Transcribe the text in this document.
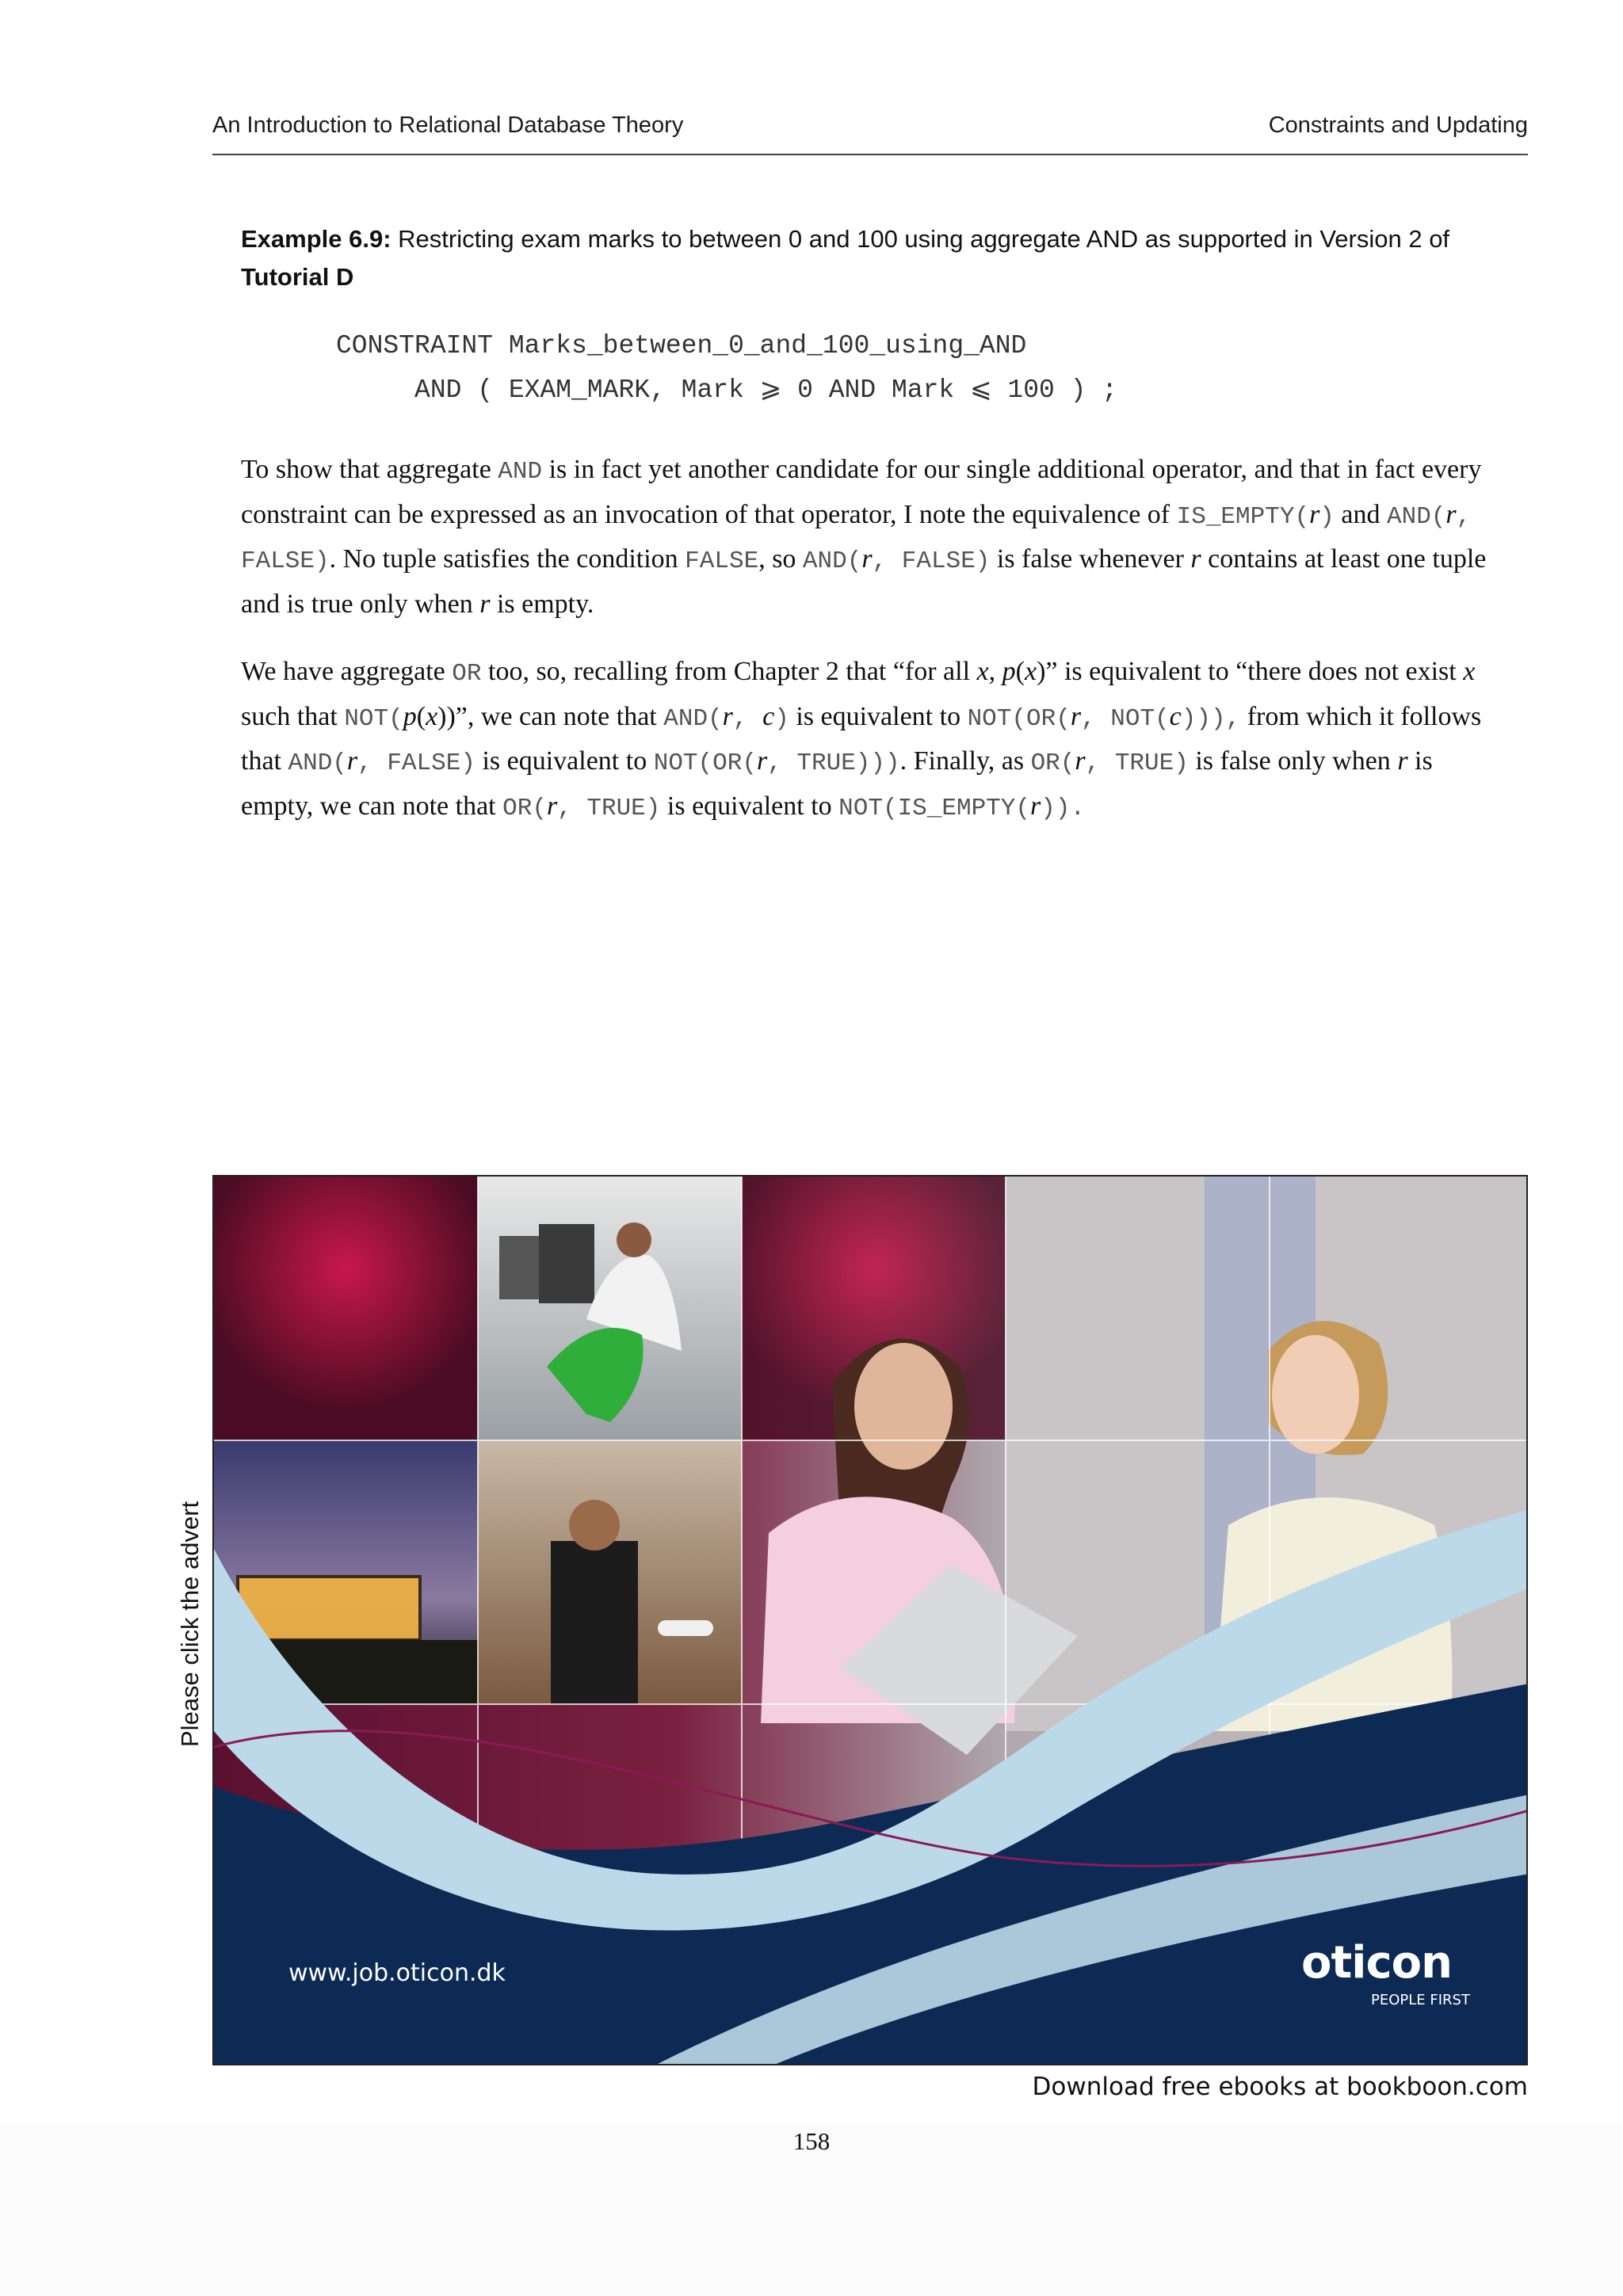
An Introduction to Relational Database Theory	Constraints and Updating
Example 6.9: Restricting exam marks to between 0 and 100 using aggregate AND as supported in Version 2 of Tutorial D
CONSTRAINT Marks_between_0_and_100_using_AND
AND ( EXAM_MARK, Mark ⩾ 0 AND Mark ⩽ 100 ) ;
To show that aggregate AND is in fact yet another candidate for our single additional operator, and that in fact every constraint can be expressed as an invocation of that operator, I note the equivalence of IS_EMPTY(r) and AND(r, FALSE). No tuple satisfies the condition FALSE, so AND(r, FALSE) is false whenever r contains at least one tuple and is true only when r is empty.
We have aggregate OR too, so, recalling from Chapter 2 that “for all x, p(x)” is equivalent to “there does not exist x such that NOT(p(x))”, we can note that AND(r, c) is equivalent to NOT(OR(r, NOT(c))), from which it follows that AND(r, FALSE) is equivalent to NOT(OR(r, TRUE))). Finally, as OR(r, TRUE) is false only when r is empty, we can note that OR(r, TRUE) is equivalent to NOT(IS_EMPTY(r)).
www.job.oticon.dk	oticon
PEOPLE FIRST
Please click the advert
Download free ebooks at bookboon.com
158
